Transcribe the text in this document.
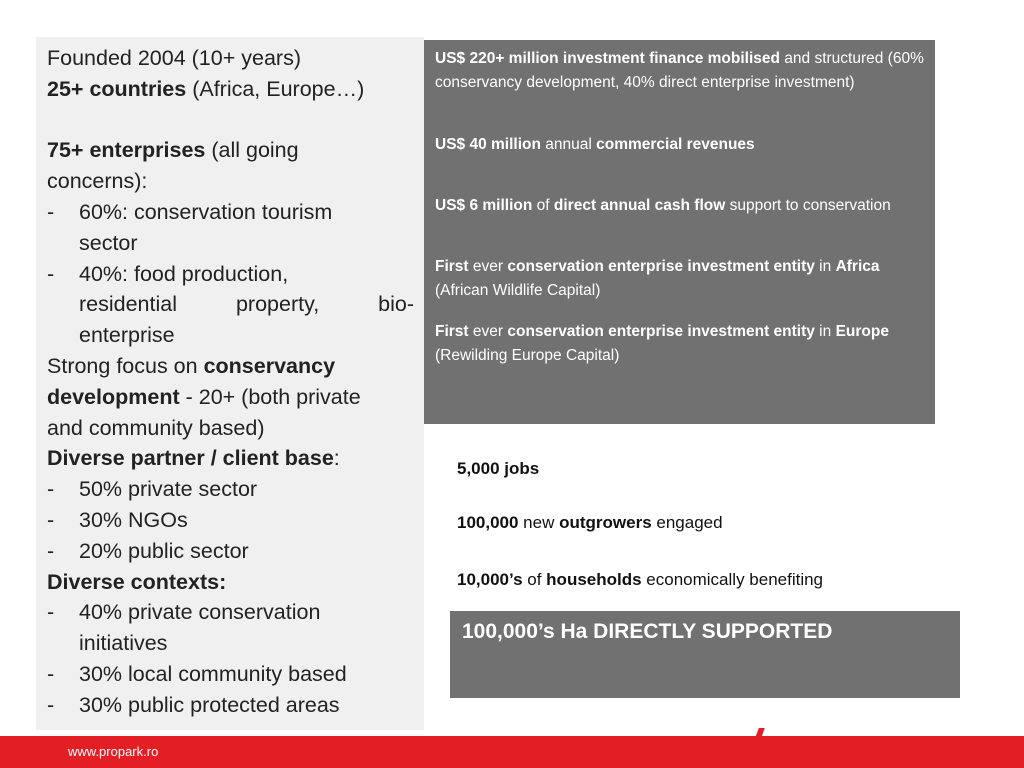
Founded 2004 (10+ years)
25+ countries (Africa, Europe…)
75+ enterprises (all going
concerns):
- 60%: conservation tourism
sector
- 40%: food production,
residential property, bio-
enterprise
Strong focus on conservancy
development - 20+ (both private
and community based)
Diverse partner / client base:
- 50% private sector
- 30% NGOs
- 20% public sector
Diverse contexts:
- 40% private conservation
initiatives
- 30% local community based
- 30% public protected areas

US$ 220+ million investment finance mobilised and structured (60% conservancy development, 40% direct enterprise investment)

US$ 40 million annual commercial revenues

US$ 6 million of direct annual cash flow support to conservation

First ever conservation enterprise investment entity in Africa (African Wildlife Capital)

First ever conservation enterprise investment entity in Europe (Rewilding Europe Capital)

5,000 jobs
100,000 new outgrowers engaged
10,000’s of households economically benefiting
100,000’s Ha DIRECTLY SUPPORTED
www.propark.ro
